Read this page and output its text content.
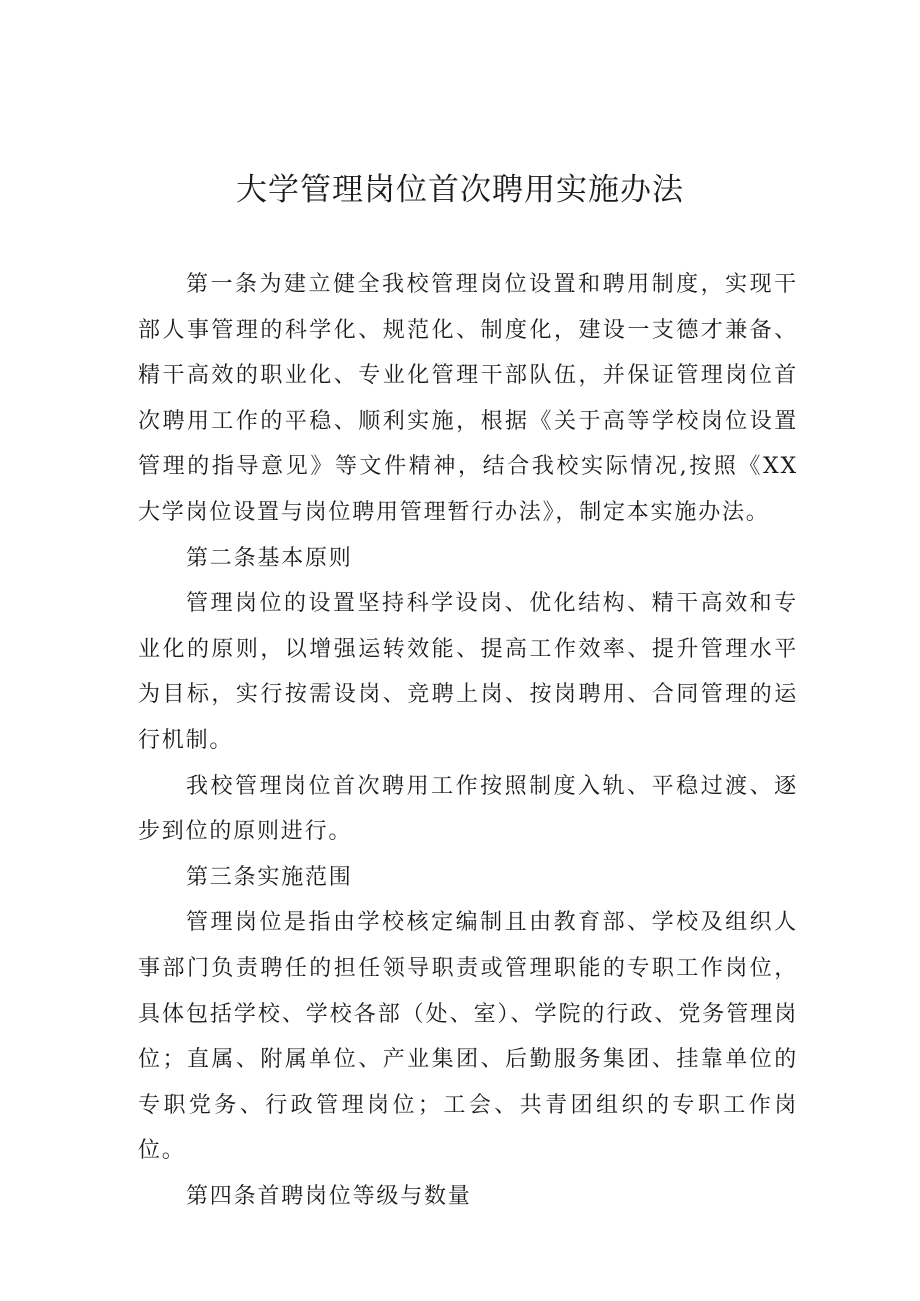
大学管理岗位首次聘用实施办法

第一条为建立健全我校管理岗位设置和聘用制度，实现干部人事管理的科学化、规范化、制度化，建设一支德才兼备、精干高效的职业化、专业化管理干部队伍，并保证管理岗位首次聘用工作的平稳、顺利实施，根据《关于高等学校岗位设置管理的指导意见》等文件精神，结合我校实际情况,按照《XX大学岗位设置与岗位聘用管理暂行办法》，制定本实施办法。

第二条基本原则

管理岗位的设置坚持科学设岗、优化结构、精干高效和专业化的原则，以增强运转效能、提高工作效率、提升管理水平为目标，实行按需设岗、竞聘上岗、按岗聘用、合同管理的运行机制。

我校管理岗位首次聘用工作按照制度入轨、平稳过渡、逐步到位的原则进行。

第三条实施范围

管理岗位是指由学校核定编制且由教育部、学校及组织人事部门负责聘任的担任领导职责或管理职能的专职工作岗位，具体包括学校、学校各部（处、室）、学院的行政、党务管理岗位；直属、附属单位、产业集团、后勤服务集团、挂靠单位的专职党务、行政管理岗位；工会、共青团组织的专职工作岗位。

第四条首聘岗位等级与数量
